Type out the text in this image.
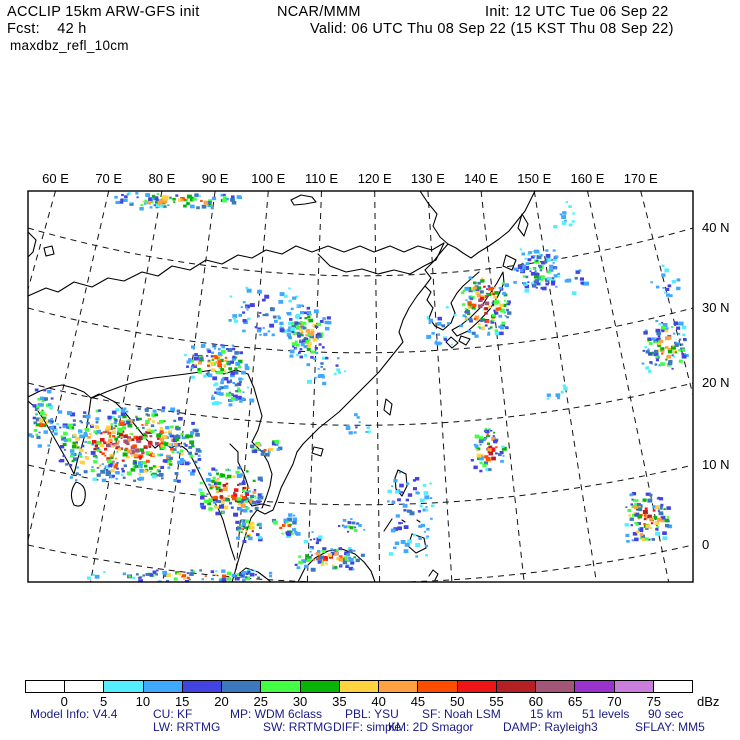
ACCLIP 15km ARW-GFS init
Fcst:    42 h
maxdbz_refl_10cm
NCAR/MMM	Init: 12 UTC Tue 06 Sep 22
Valid: 06 UTC Thu 08 Sep 22 (15 KST Thu 08 Sep 22)
60 E 70 E 80 E 90 E 100 E 110 E 120 E 130 E 140 E 150 E 160 E 170 E
40 N
30 N
20 N
10 N
0
0 5 10 15 20 25 30 35 40 45 50 55 60 65 70 75	dBz
Model Info: V4.4	CU: KF	MP: WDM 6class PBL: YSU SF: Noah LSM 15 km 51 levels 90 sec
LW: RRTMG	SW: RRTMG DIFF: simple
KM: 2D Smagor DAMP: Rayleigh3	SFLAY: MM5
